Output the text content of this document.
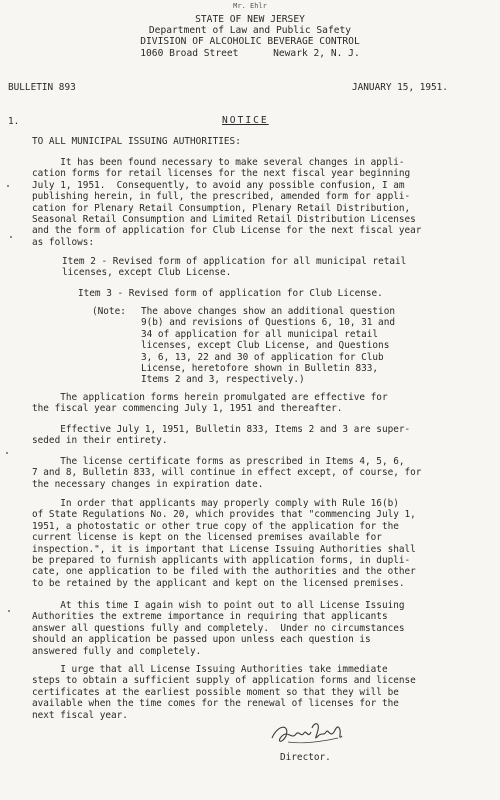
Mr. Ehlr
STATE OF NEW JERSEY
Department of Law and Public Safety
DIVISION OF ALCOHOLIC BEVERAGE CONTROL
1060 Broad Street      Newark 2, N. J.
BULLETIN 893	JANUARY 15, 1951.
1.	NOTICE
TO ALL MUNICIPAL ISSUING AUTHORITIES:
It has been found necessary to make several changes in appli-
cation forms for retail licenses for the next fiscal year beginning
July 1, 1951.  Consequently, to avoid any possible confusion, I am
publishing herein, in full, the prescribed, amended form for appli-
cation for Plenary Retail Consumption, Plenary Retail Distribution,
Seasonal Retail Consumption and Limited Retail Distribution Licenses
and the form of application for Club License for the next fiscal year
as follows:
Item 2 - Revised form of application for all municipal retail
licenses, except Club License.
Item 3 - Revised form of application for Club License.
(Note: The above changes show an additional question
9(b) and revisions of Questions 6, 10, 31 and
34 of application for all municipal retail
licenses, except Club License, and Questions
3, 6, 13, 22 and 30 of application for Club
License, heretofore shown in Bulletin 833,
Items 2 and 3, respectively.)
The application forms herein promulgated are effective for
the fiscal year commencing July 1, 1951 and thereafter.
Effective July 1, 1951, Bulletin 833, Items 2 and 3 are super-
seded in their entirety.
The license certificate forms as prescribed in Items 4, 5, 6,
7 and 8, Bulletin 833, will continue in effect except, of course, for
the necessary changes in expiration date.
In order that applicants may properly comply with Rule 16(b)
of State Regulations No. 20, which provides that "commencing July 1,
1951, a photostatic or other true copy of the application for the
current license is kept on the licensed premises available for
inspection.", it is important that License Issuing Authorities shall
be prepared to furnish applicants with application forms, in dupli-
cate, one application to be filed with the authorities and the other
to be retained by the applicant and kept on the licensed premises.
At this time I again wish to point out to all License Issuing
Authorities the extreme importance in requiring that applicants
answer all questions fully and completely.  Under no circumstances
should an application be passed upon unless each question is
answered fully and completely.
I urge that all License Issuing Authorities take immediate
steps to obtain a sufficient supply of application forms and license
certificates at the earliest possible moment so that they will be
available when the time comes for the renewal of licenses for the
next fiscal year.
Director.
